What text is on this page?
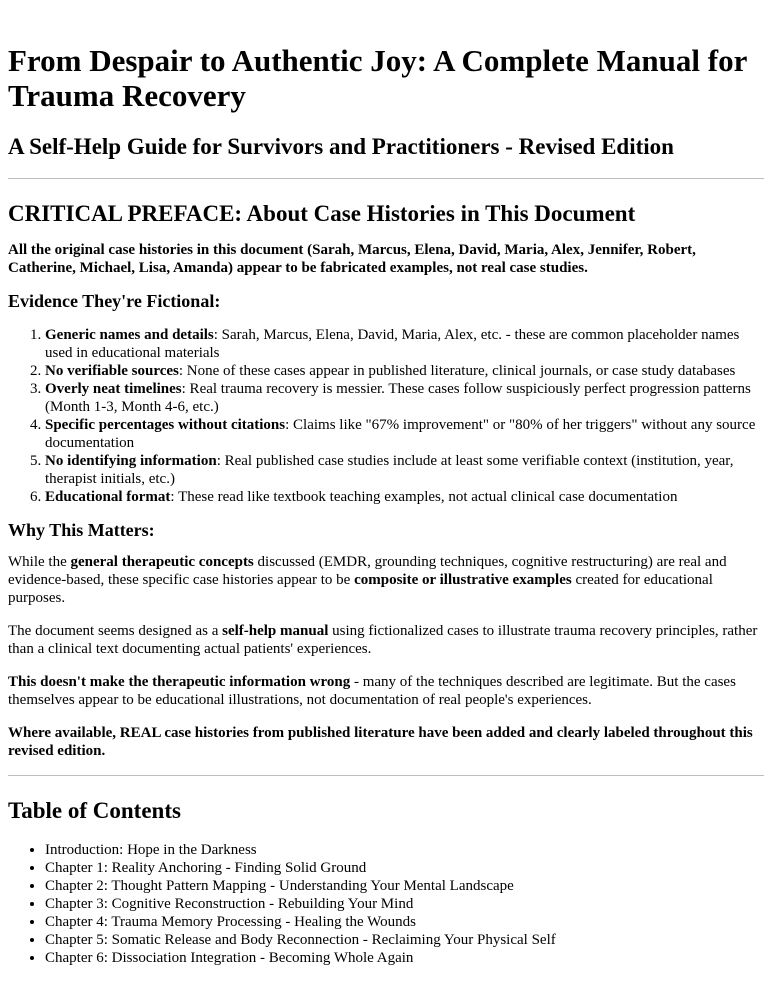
From Despair to Authentic Joy: A Complete Manual for Trauma Recovery
A Self-Help Guide for Survivors and Practitioners - Revised Edition
CRITICAL PREFACE: About Case Histories in This Document

All the original case histories in this document (Sarah, Marcus, Elena, David, Maria, Alex, Jennifer, Robert, Catherine, Michael, Lisa, Amanda) appear to be fabricated examples, not real case studies.

Evidence They're Fictional:
1. Generic names and details: Sarah, Marcus, Elena, David, Maria, Alex, etc. - these are common placeholder names used in educational materials
2. No verifiable sources: None of these cases appear in published literature, clinical journals, or case study databases
3. Overly neat timelines: Real trauma recovery is messier. These cases follow suspiciously perfect progression patterns (Month 1-3, Month 4-6, etc.)
4. Specific percentages without citations: Claims like "67% improvement" or "80% of her triggers" without any source documentation
5. No identifying information: Real published case studies include at least some verifiable context (institution, year, therapist initials, etc.)
6. Educational format: These read like textbook teaching examples, not actual clinical case documentation
Why This Matters:

While the general therapeutic concepts discussed (EMDR, grounding techniques, cognitive restructuring) are real and evidence-based, these specific case histories appear to be composite or illustrative examples created for educational purposes.

The document seems designed as a self-help manual using fictionalized cases to illustrate trauma recovery principles, rather than a clinical text documenting actual patients' experiences.

This doesn't make the therapeutic information wrong - many of the techniques described are legitimate. But the cases themselves appear to be educational illustrations, not documentation of real people's experiences.

Where available, REAL case histories from published literature have been added and clearly labeled throughout this revised edition.

Table of Contents
• Introduction: Hope in the Darkness
• Chapter 1: Reality Anchoring - Finding Solid Ground
• Chapter 2: Thought Pattern Mapping - Understanding Your Mental Landscape
• Chapter 3: Cognitive Reconstruction - Rebuilding Your Mind
• Chapter 4: Trauma Memory Processing - Healing the Wounds
• Chapter 5: Somatic Release and Body Reconnection - Reclaiming Your Physical Self
• Chapter 6: Dissociation Integration - Becoming Whole Again
